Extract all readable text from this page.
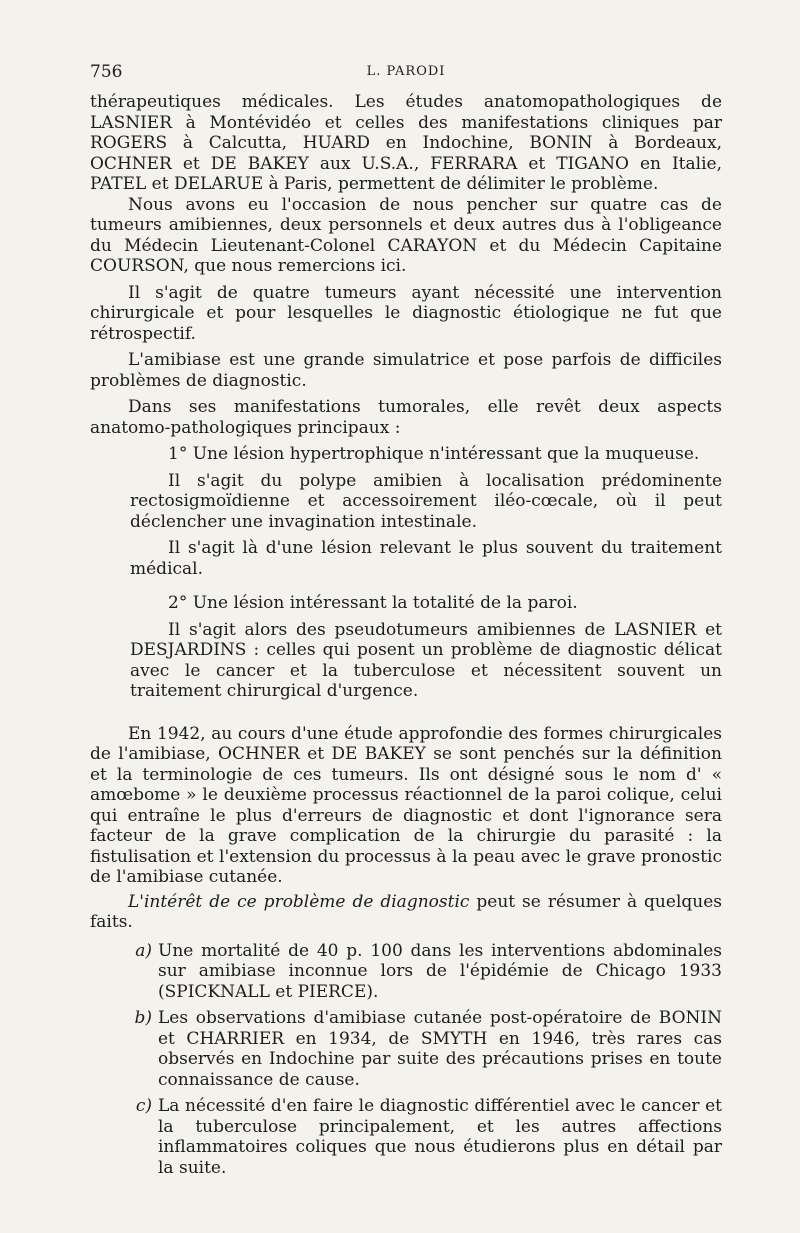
756	L. PARODI

thérapeutiques médicales. Les études anatomopathologiques de LASNIER à Montévidéo et celles des manifestations cliniques par ROGERS à Calcutta, HUARD en Indochine, BONIN à Bordeaux, OCHNER et DE BAKEY aux U.S.A., FERRARA et TIGANO en Italie, PATEL et DELARUE à Paris, permettent de délimiter le problème.

Nous avons eu l'occasion de nous pencher sur quatre cas de tumeurs amibiennes, deux personnels et deux autres dus à l'obligeance du Médecin Lieutenant-Colonel CARAYON et du Médecin Capitaine COURSON, que nous remercions ici.

Il s'agit de quatre tumeurs ayant nécessité une intervention chirurgicale et pour lesquelles le diagnostic étiologique ne fut que rétrospectif.

L'amibiase est une grande simulatrice et pose parfois de difficiles problèmes de diagnostic.

Dans ses manifestations tumorales, elle revêt deux aspects anatomo-pathologiques principaux :

1° Une lésion hypertrophique n'intéressant que la muqueuse.

Il s'agit du polype amibien à localisation prédominente rectosigmoïdienne et accessoirement iléo-cœcale, où il peut déclencher une invagination intestinale.

Il s'agit là d'une lésion relevant le plus souvent du traitement médical.

2° Une lésion intéressant la totalité de la paroi.

Il s'agit alors des pseudotumeurs amibiennes de LASNIER et DESJARDINS : celles qui posent un problème de diagnostic délicat avec le cancer et la tuberculose et nécessitent souvent un traitement chirurgical d'urgence.

En 1942, au cours d'une étude approfondie des formes chirurgicales de l'amibiase, OCHNER et DE BAKEY se sont penchés sur la définition et la terminologie de ces tumeurs. Ils ont désigné sous le nom d' « amœbome » le deuxième processus réactionnel de la paroi colique, celui qui entraîne le plus d'erreurs de diagnostic et dont l'ignorance sera facteur de la grave complication de la chirurgie du parasité : la fistulisation et l'extension du processus à la peau avec le grave pronostic de l'amibiase cutanée.

L'intérêt de ce problème de diagnostic peut se résumer à quelques faits.

a) Une mortalité de 40 p. 100 dans les interventions abdominales sur amibiase inconnue lors de l'épidémie de Chicago 1933 (SPICKNALL et PIERCE).
b) Les observations d'amibiase cutanée post-opératoire de BONIN et CHARRIER en 1934, de SMYTH en 1946, très rares cas observés en Indochine par suite des précautions prises en toute connaissance de cause.
c) La nécessité d'en faire le diagnostic différentiel avec le cancer et la tuberculose principalement, et les autres affections inflammatoires coliques que nous étudierons plus en détail par la suite.
